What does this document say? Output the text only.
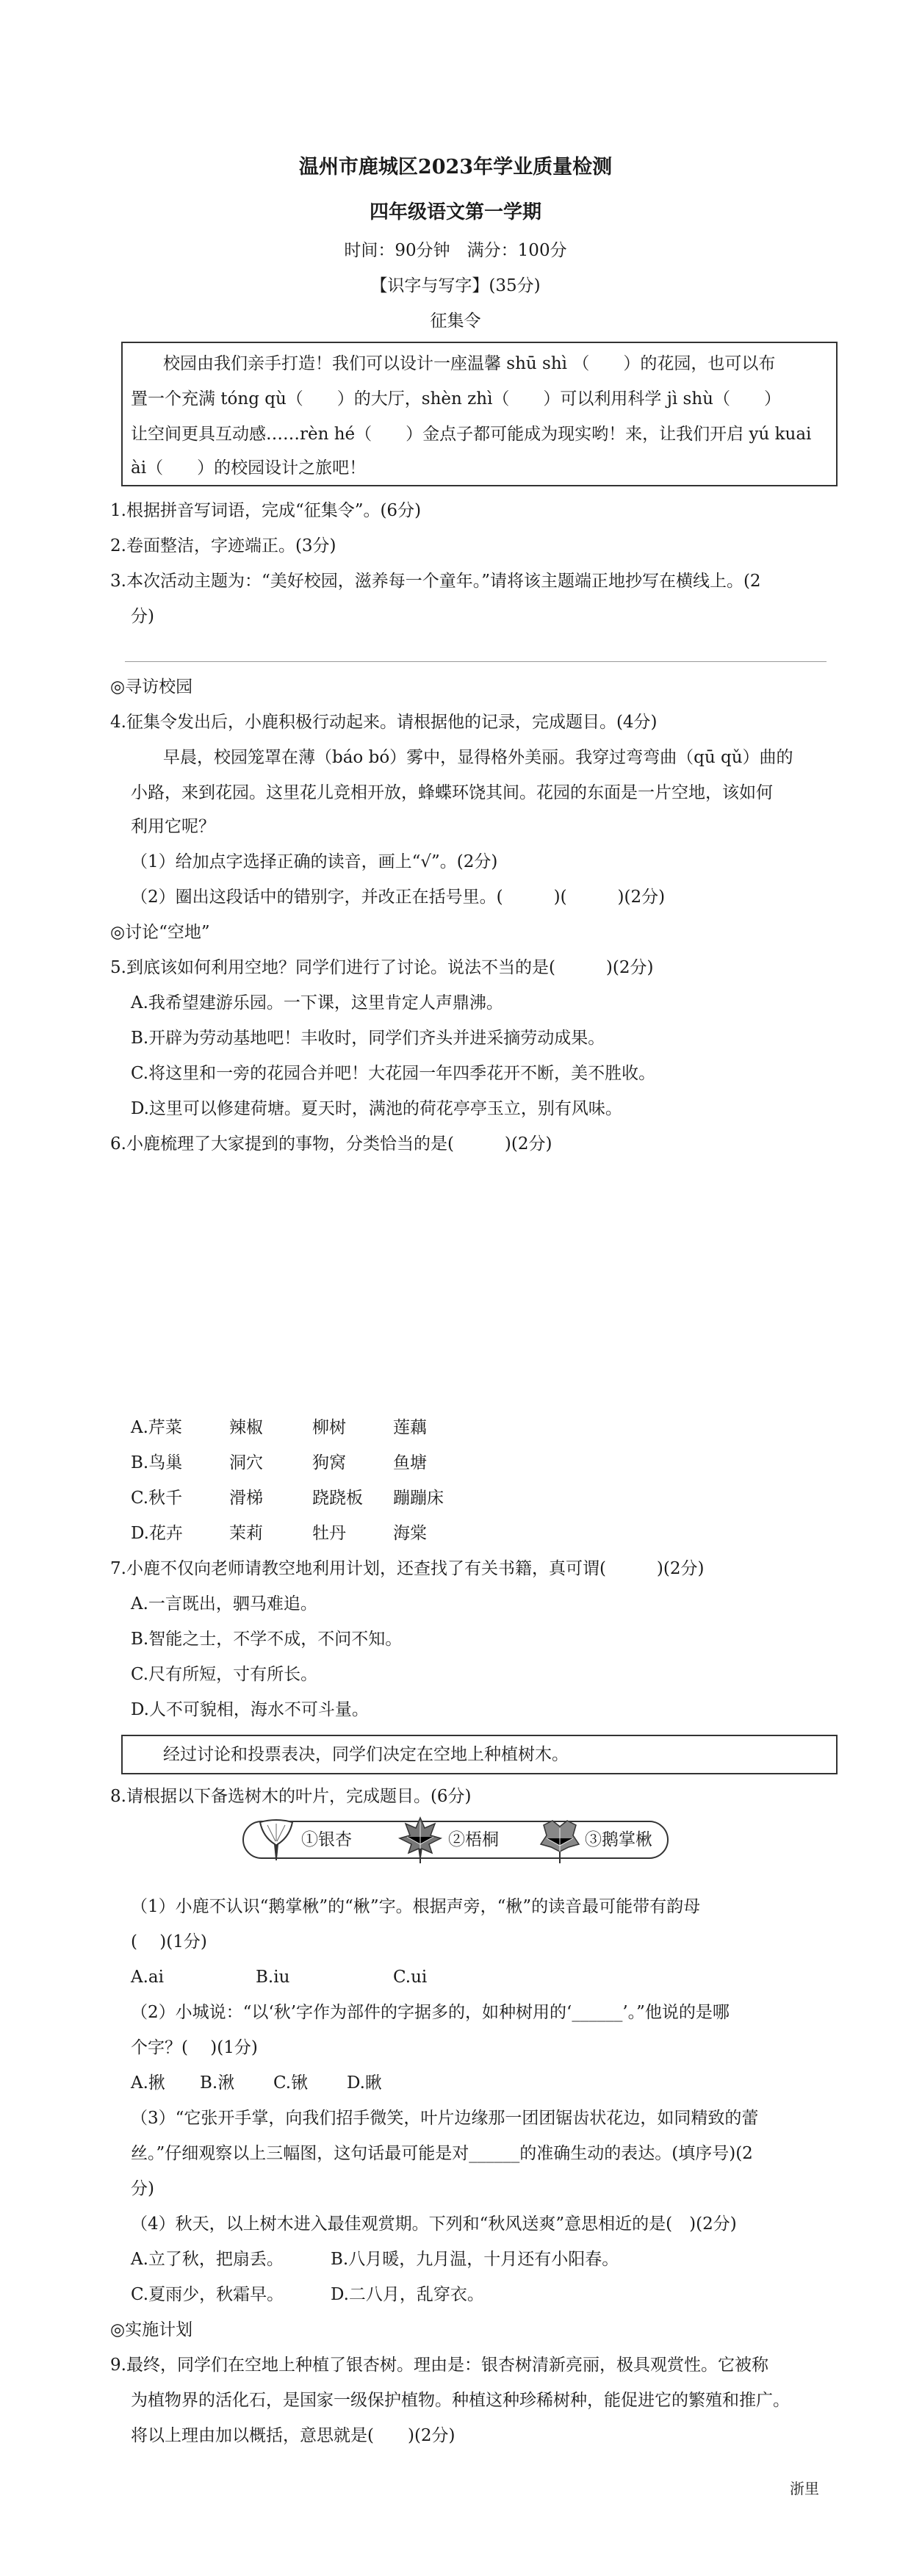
温州市鹿城区2023年学业质量检测
四年级语文第一学期
时间：90分钟　满分：100分
【识字与写字】(35分)
征集令
校园由我们亲手打造！我们可以设计一座温馨 shū shì （　　）的花园，也可以布
置一个充满 tóng qù（　　）的大厅，shèn zhì（　　）可以利用科学 jì shù（　　）
让空间更具互动感……rèn hé（　　）金点子都可能成为现实哟！来，让我们开启 yú kuai
ài（　　）的校园设计之旅吧！
1.根据拼音写词语，完成“征集令”。(6分)
2.卷面整洁，字迹端正。(3分)
3.本次活动主题为：“美好校园，滋养每一个童年。”请将该主题端正地抄写在横线上。(2
分)
◎寻访校园
4.征集令发出后，小鹿积极行动起来。请根据他的记录，完成题目。(4分)
早晨，校园笼罩在薄（báo bó）雾中，显得格外美丽。我穿过弯弯曲（qū qǔ）曲的
小路，来到花园。这里花儿竞相开放，蜂蝶环饶其间。花园的东面是一片空地，该如何
利用它呢？
（1）给加点字选择正确的读音，画上“√”。(2分)
（2）圈出这段话中的错别字，并改正在括号里。(　　　)(　　　)(2分)
◎讨论“空地”
5.到底该如何利用空地？同学们进行了讨论。说法不当的是(　　　)(2分)
A.我希望建游乐园。一下课，这里肯定人声鼎沸。
B.开辟为劳动基地吧！丰收时，同学们齐头并进采摘劳动成果。
C.将这里和一旁的花园合并吧！大花园一年四季花开不断，美不胜收。
D.这里可以修建荷塘。夏天时，满池的荷花亭亭玉立，别有风味。
6.小鹿梳理了大家提到的事物，分类恰当的是(　　　)(2分)
A.芹菜	辣椒	柳树	莲藕
B.鸟巢	洞穴	狗窝	鱼塘
C.秋千	滑梯	跷跷板 蹦蹦床
D.花卉	茉莉	牡丹	海棠
7.小鹿不仅向老师请教空地利用计划，还查找了有关书籍，真可谓(　　　)(2分)
A.一言既出，驷马难追。
B.智能之士，不学不成，不问不知。
C.尺有所短，寸有所长。
D.人不可貌相，海水不可斗量。
经过讨论和投票表决，同学们决定在空地上种植树木。
8.请根据以下备选树木的叶片，完成题目。(6分)
①银杏	②梧桐	③鹅掌楸
（1）小鹿不认识“鹅掌楸”的“楸”字。根据声旁，“楸”的读音最可能带有韵母
(　 )(1分)
A.ai	B.iu	C.ui
（2）小城说：“以‘秋’字作为部件的字据多的，如种树用的‘______’。”他说的是哪
个字？(　 )(1分)
A.揪 B.湫 C.锹 D.瞅
（3）“它张开手掌，向我们招手微笑，叶片边缘那一团团锯齿状花边，如同精致的蕾
丝。”仔细观察以上三幅图，这句话最可能是对______的准确生动的表达。(填序号)(2
分)
（4）秋天，以上树木进入最佳观赏期。下列和“秋风送爽”意思相近的是(　)(2分)
A.立了秋，把扇丢。	B.八月暖，九月温，十月还有小阳春。
C.夏雨少，秋霜早。	D.二八月，乱穿衣。
◎实施计划
9.最终，同学们在空地上种植了银杏树。理由是：银杏树清新亮丽，极具观赏性。它被称
为植物界的活化石，是国家一级保护植物。种植这种珍稀树种，能促进它的繁殖和推广。
将以上理由加以概括，意思就是(　　)(2分)
浙里
